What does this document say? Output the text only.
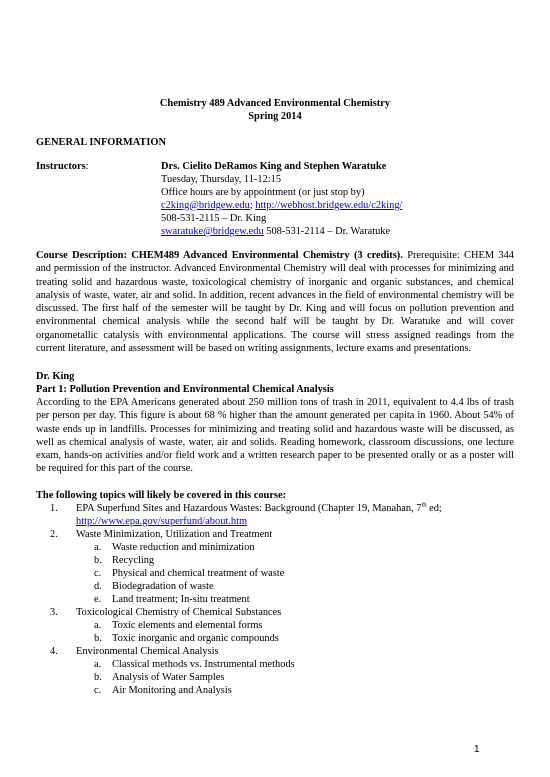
Chemistry 489 Advanced Environmental Chemistry
Spring 2014
GENERAL INFORMATION
Instructors:	Drs. Cielito DeRamos King and Stephen Waratuke
Tuesday, Thursday, 11-12:15
Office hours are by appointment (or just stop by)
c2king@bridgew.edu; http://webhost.bridgew.edu/c2king/
508-531-2115 – Dr. King
swaratuke@bridgew.edu 508-531-2114 – Dr. Waratuke
Course Description: CHEM489 Advanced Environmental Chemistry (3 credits). Prerequisite: CHEM 344 and permission of the instructor. Advanced Environmental Chemistry will deal with processes for minimizing and treating solid and hazardous waste, toxicological chemistry of inorganic and organic substances, and chemical analysis of waste, water, air and solid. In addition, recent advances in the field of environmental chemistry will be discussed. The first half of the semester will be taught by Dr. King and will focus on pollution prevention and environmental chemical analysis while the second half will be taught by Dr. Waratuke and will cover organometallic catalysis with environmental applications. The course will stress assigned readings from the current literature, and assessment will be based on writing assignments, lecture exams and presentations.
Dr. King
Part 1: Pollution Prevention and Environmental Chemical Analysis
According to the EPA Americans generated about 250 million tons of trash in 2011, equivalent to 4.4 lbs of trash per person per day. This figure is about 68 % higher than the amount generated per capita in 1960. About 54% of waste ends up in landfills. Processes for minimizing and treating solid and hazardous waste will be discussed, as well as chemical analysis of waste, water, air and solids. Reading homework, classroom discussions, one lecture exam, hands-on activities and/or field work and a written research paper to be presented orally or as a poster will be required for this part of the course.
The following topics will likely be covered in this course:
1. EPA Superfund Sites and Hazardous Wastes: Background (Chapter 19, Manahan, 7th ed;
http://www.epa.gov/superfund/about.htm
2. Waste Minimization, Utilization and Treatment
a. Waste reduction and minimization
b. Recycling
c. Physical and chemical treatment of waste
d. Biodegradation of waste
e. Land treatment; In-situ treatment
3. Toxicological Chemistry of Chemical Substances
a. Toxic elements and elemental forms
b. Toxic inorganic and organic compounds
4. Environmental Chemical Analysis
a. Classical methods vs. Instrumental methods
b. Analysis of Water Samples
c. Air Monitoring and Analysis
1
